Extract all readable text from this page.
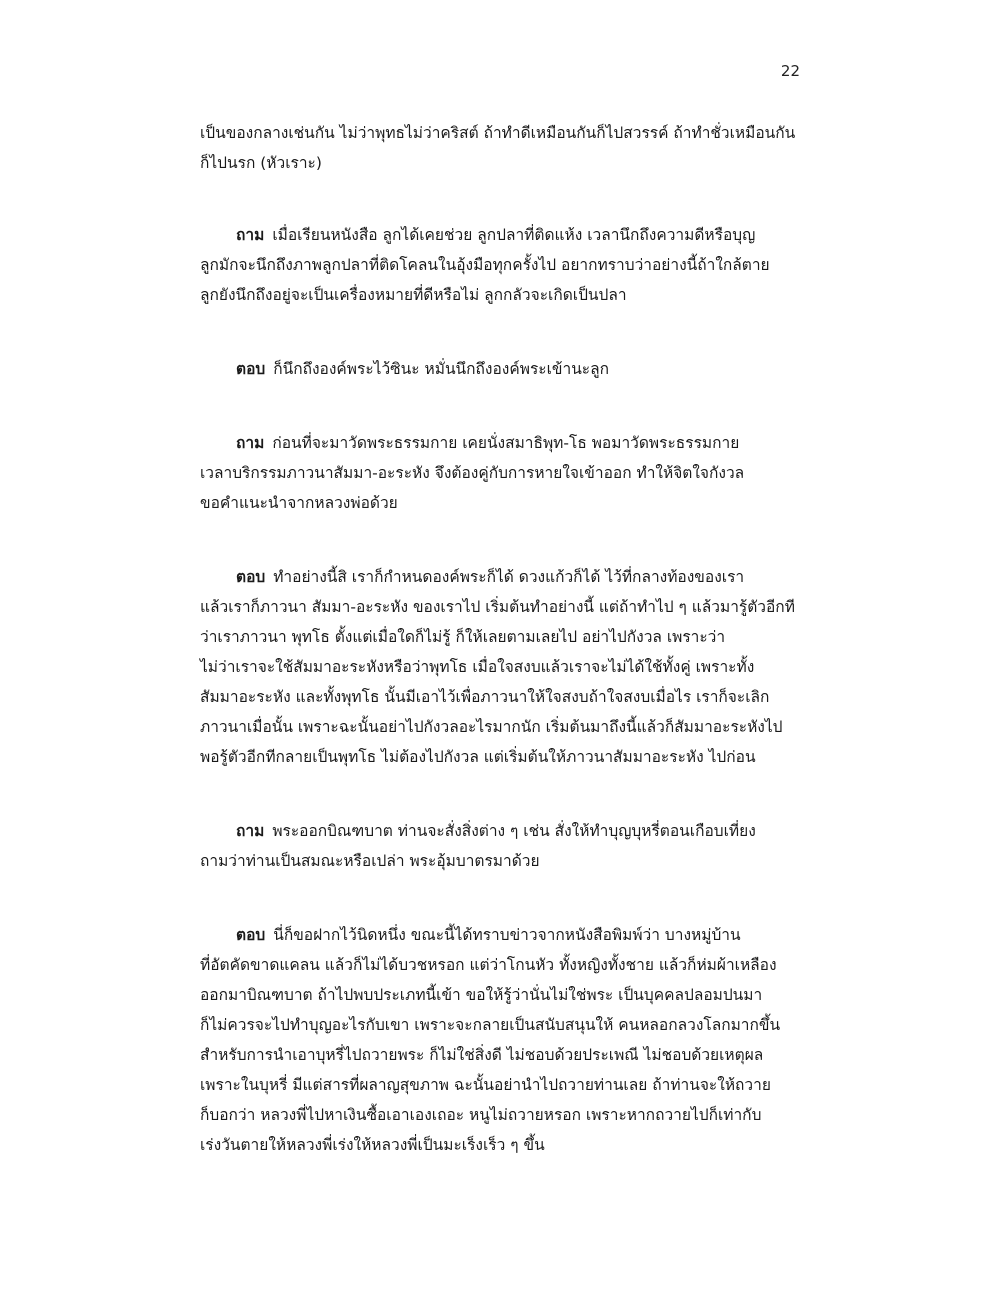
22

เป็นของกลางเช่นกัน ไม่ว่าพุทธไม่ว่าคริสต์ ถ้าทำดีเหมือนกันก็ไปสวรรค์ ถ้าทำชั่วเหมือนกัน
ก็ไปนรก (หัวเราะ)

ถาม เมื่อเรียนหนังสือ ลูกได้เคยช่วย ลูกปลาที่ติดแห้ง เวลานึกถึงความดีหรือบุญ
ลูกมักจะนึกถึงภาพลูกปลาที่ติดโคลนในอุ้งมือทุกครั้งไป อยากทราบว่าอย่างนี้ถ้าใกล้ตาย
ลูกยังนึกถึงอยู่จะเป็นเครื่องหมายที่ดีหรือไม่ ลูกกลัวจะเกิดเป็นปลา

ตอบ ก็นึกถึงองค์พระไว้ซินะ หมั่นนึกถึงองค์พระเข้านะลูก

ถาม ก่อนที่จะมาวัดพระธรรมกาย เคยนั่งสมาธิพุท-โธ พอมาวัดพระธรรมกาย
เวลาบริกรรมภาวนาสัมมา-อะระหัง จึงต้องคู่กับการหายใจเข้าออก ทำให้จิตใจกังวล
ขอคำแนะนำจากหลวงพ่อด้วย

ตอบ ทำอย่างนี้สิ เราก็กำหนดองค์พระก็ได้ ดวงแก้วก็ได้ ไว้ที่กลางท้องของเรา
แล้วเราก็ภาวนา สัมมา-อะระหัง ของเราไป เริ่มต้นทำอย่างนี้ แต่ถ้าทำไป ๆ แล้วมารู้ตัวอีกที
ว่าเราภาวนา พุทโธ ตั้งแต่เมื่อใดก็ไม่รู้ ก็ให้เลยตามเลยไป อย่าไปกังวล เพราะว่า
ไม่ว่าเราจะใช้สัมมาอะระหังหรือว่าพุทโธ เมื่อใจสงบแล้วเราจะไม่ได้ใช้ทั้งคู่ เพราะทั้ง
สัมมาอะระหัง และทั้งพุทโธ นั้นมีเอาไว้เพื่อภาวนาให้ใจสงบถ้าใจสงบเมื่อไร เราก็จะเลิก
ภาวนาเมื่อนั้น เพราะฉะนั้นอย่าไปกังวลอะไรมากนัก เริ่มต้นมาถึงนี้แล้วก็สัมมาอะระหังไป
พอรู้ตัวอีกทีกลายเป็นพุทโธ ไม่ต้องไปกังวล แต่เริ่มต้นให้ภาวนาสัมมาอะระหัง ไปก่อน

ถาม พระออกบิณฑบาต ท่านจะสั่งสิ่งต่าง ๆ เช่น สั่งให้ทำบุญบุหรี่ตอนเกือบเที่ยง
ถามว่าท่านเป็นสมณะหรือเปล่า พระอุ้มบาตรมาด้วย

ตอบ นี่ก็ขอฝากไว้นิดหนึ่ง ขณะนี้ได้ทราบข่าวจากหนังสือพิมพ์ว่า บางหมู่บ้าน
ที่อัตคัดขาดแคลน แล้วก็ไม่ได้บวชหรอก แต่ว่าโกนหัว ทั้งหญิงทั้งชาย แล้วก็ห่มผ้าเหลือง
ออกมาบิณฑบาต ถ้าไปพบประเภทนี้เข้า ขอให้รู้ว่านั่นไม่ใช่พระ เป็นบุคคลปลอมปนมา
ก็ไม่ควรจะไปทำบุญอะไรกับเขา เพราะจะกลายเป็นสนับสนุนให้ คนหลอกลวงโลกมากขึ้น
สำหรับการนำเอาบุหรี่ไปถวายพระ ก็ไม่ใช่สิ่งดี ไม่ชอบด้วยประเพณี ไม่ชอบด้วยเหตุผล
เพราะในบุหรี่ มีแต่สารที่ผลาญสุขภาพ ฉะนั้นอย่านำไปถวายท่านเลย ถ้าท่านจะให้ถวาย
ก็บอกว่า หลวงพี่ไปหาเงินซื้อเอาเองเถอะ หนูไม่ถวายหรอก เพราะหากถวายไปก็เท่ากับ
เร่งวันตายให้หลวงพี่เร่งให้หลวงพี่เป็นมะเร็งเร็ว ๆ ขึ้น
